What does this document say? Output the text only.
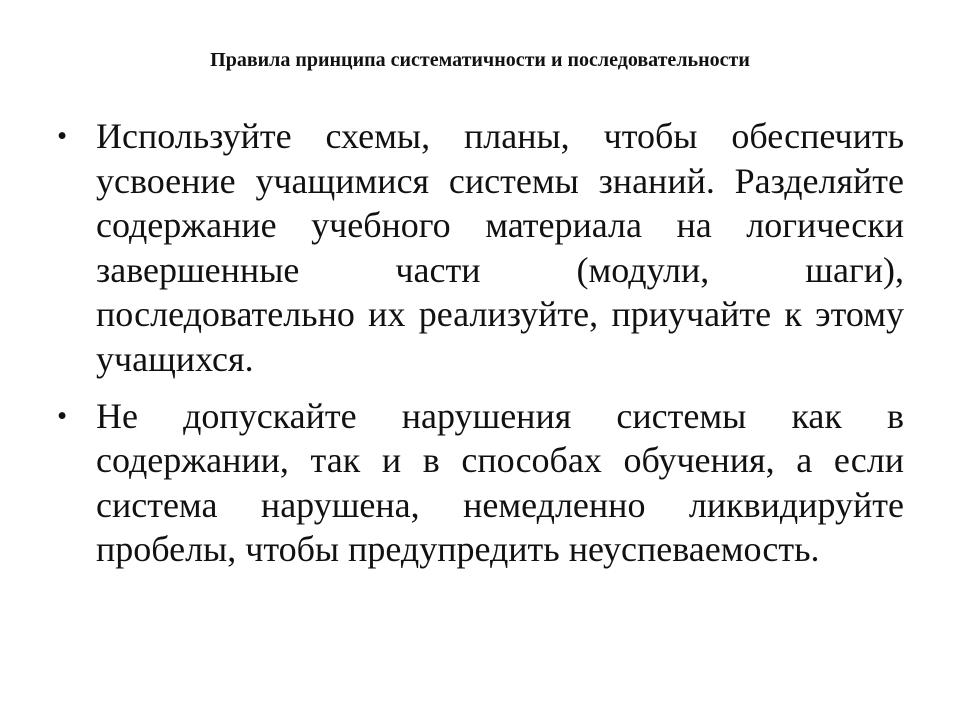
Правила принципа систематичности и последовательности
• Используйте схемы, планы, чтобы обеспечить усвоение учащимися системы знаний. Разделяйте содержание учебного материала на логически завершенные части (модули, шаги), последовательно их реализуйте, приучайте к этому учащихся.
• Не допускайте нарушения системы как в содержании, так и в способах обучения, а если система нарушена, немедленно ликвидируйте пробелы, чтобы предупредить неуспеваемость.
